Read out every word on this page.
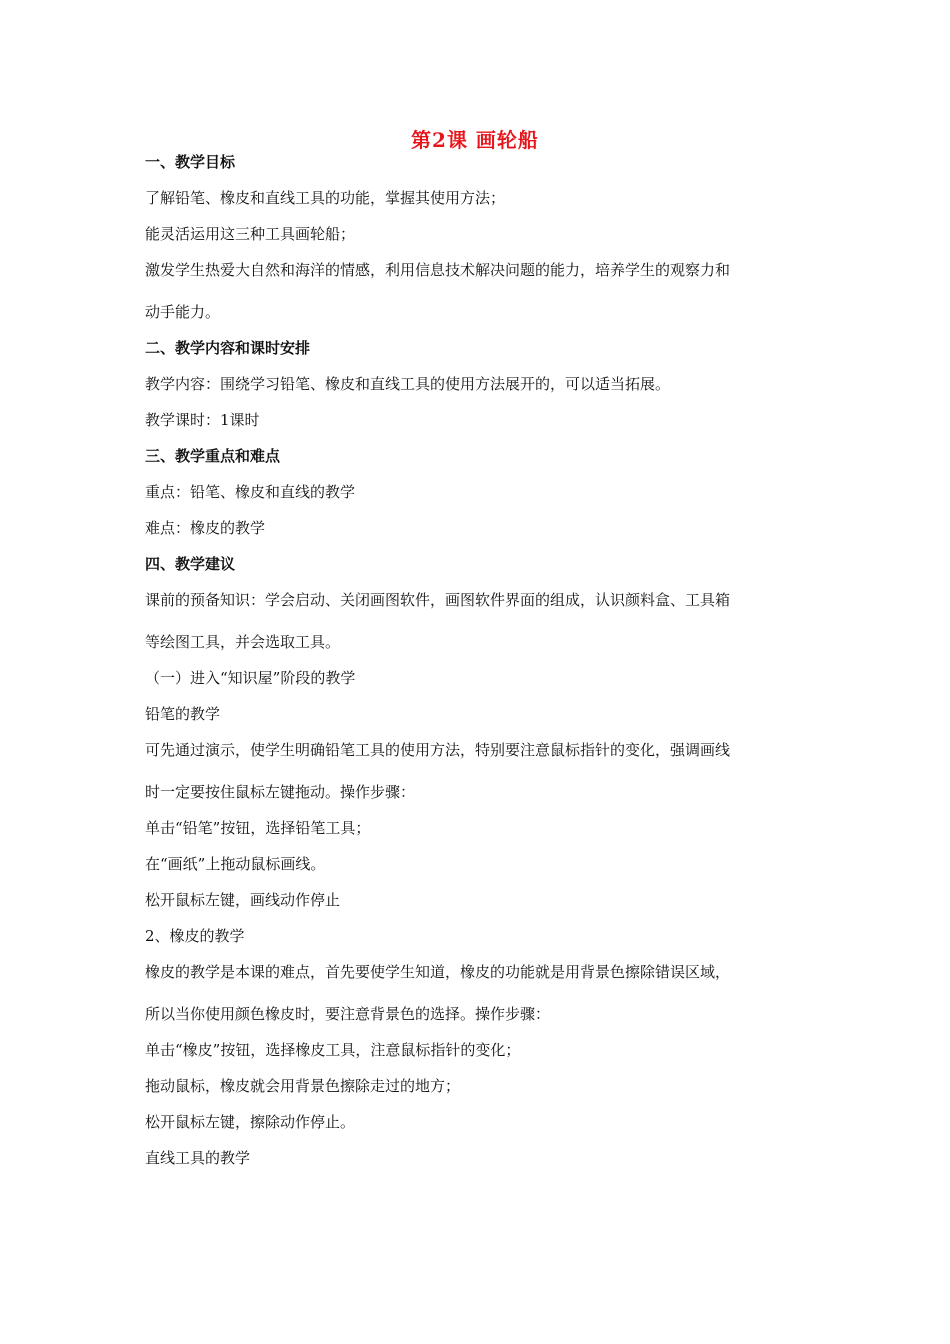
第2课 画轮船
一、教学目标
了解铅笔、橡皮和直线工具的功能，掌握其使用方法；
能灵活运用这三种工具画轮船；
激发学生热爱大自然和海洋的情感，利用信息技术解决问题的能力，培养学生的观察力和
动手能力。
二、教学内容和课时安排
教学内容：围绕学习铅笔、橡皮和直线工具的使用方法展开的，可以适当拓展。
教学课时：1课时
三、教学重点和难点
重点：铅笔、橡皮和直线的教学
难点：橡皮的教学
四、教学建议
课前的预备知识：学会启动、关闭画图软件，画图软件界面的组成，认识颜料盒、工具箱
等绘图工具，并会选取工具。
（一）进入“知识屋”阶段的教学
铅笔的教学
可先通过演示，使学生明确铅笔工具的使用方法，特别要注意鼠标指针的变化，强调画线
时一定要按住鼠标左键拖动。操作步骤：
单击“铅笔”按钮，选择铅笔工具；
在“画纸”上拖动鼠标画线。
松开鼠标左键，画线动作停止
2、橡皮的教学
橡皮的教学是本课的难点，首先要使学生知道，橡皮的功能就是用背景色擦除错误区域，
所以当你使用颜色橡皮时，要注意背景色的选择。操作步骤：
单击“橡皮”按钮，选择橡皮工具，注意鼠标指针的变化；
拖动鼠标，橡皮就会用背景色擦除走过的地方；
松开鼠标左键，擦除动作停止。
直线工具的教学
